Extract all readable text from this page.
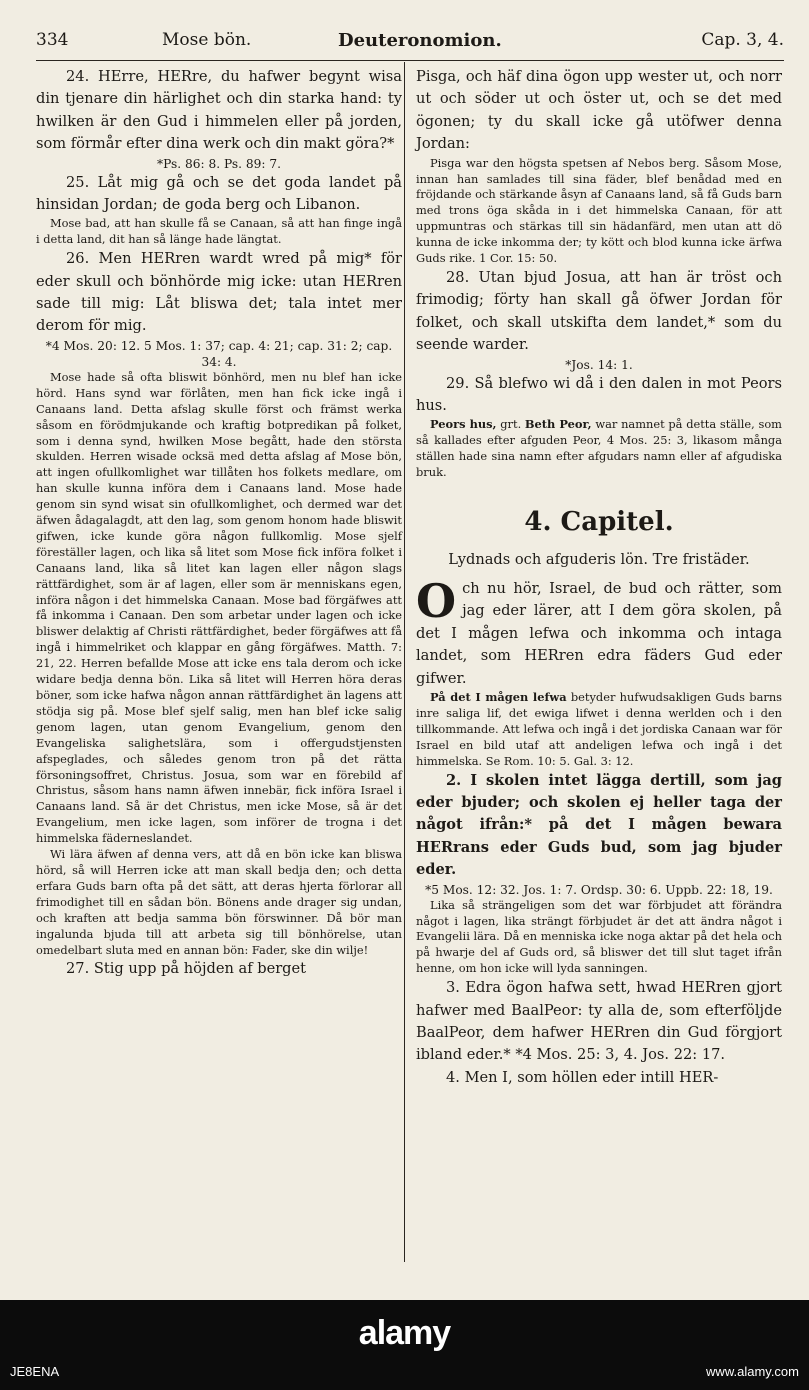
334	Mose bön.	Deuteronomion.	Cap. 3, 4.

24. HErre, HERre, du hafwer begynt wisa din tjenare din härlighet och din starka hand: ty hwilken är den Gud i himmelen eller på jorden, som förmår efter dina werk och din makt göra?*

*Ps. 86: 8. Ps. 89: 7.

25. Låt mig gå och se det goda landet på hinsidan Jordan; de goda berg och Libanon.

Mose bad, att han skulle få se Canaan, så att han finge ingå i detta land, dit han så länge hade längtat.

26. Men HERren wardt wred på mig* för eder skull och bönhörde mig icke: utan HERren sade till mig: Låt bliswa det; tala intet mer derom för mig.

*4 Mos. 20: 12. 5 Mos. 1: 37; cap. 4: 21; cap. 31: 2; cap. 34: 4.

Mose hade så ofta bliswit bönhörd, men nu blef han icke hörd. Hans synd war förlåten, men han fick icke ingå i Canaans land. Detta afslag skulle först och främst werka såsom en förödmjukande och kraftig botpredikan på folket, som i denna synd, hwilken Mose begått, hade den största skulden. Herren wisade ocksä med detta afslag af Mose bön, att ingen ofullkomlighet war tillåten hos folkets medlare, om han skulle kunna införa dem i Canaans land. Mose hade genom sin synd wisat sin ofullkomlighet, och dermed war det äfwen ådagalagdt, att den lag, som genom honom hade bliswit gifwen, icke kunde göra någon fullkomlig. Mose sjelf föreställer lagen, och lika så litet som Mose fick införa folket i Canaans land, lika så litet kan lagen eller någon slags rättfärdighet, som är af lagen, eller som är menniskans egen, införa någon i det himmelska Canaan. Mose bad förgäfwes att få inkomma i Canaan. Den som arbetar under lagen och icke bliswer delaktig af Christi rättfärdighet, beder förgäfwes att få ingå i himmelriket och klappar en gång förgäfwes. Matth. 7: 21, 22. Herren befallde Mose att icke ens tala derom och icke widare bedja denna bön. Lika så litet will Herren höra deras böner, som icke hafwa någon annan rättfärdighet än lagens att stödja sig på. Mose blef sjelf salig, men han blef icke salig genom lagen, utan genom Evangelium, genom den Evangeliska salighetslära, som i offergudstjensten afspeglades, och således genom tron på det rätta försoningsoffret, Christus. Josua, som war en förebild af Christus, såsom hans namn äfwen innebär, fick införa Israel i Canaans land. Så är det Christus, men icke Mose, så är det Evangelium, men icke lagen, som införer de trogna i det himmelska fäderneslandet.

Wi lära äfwen af denna vers, att då en bön icke kan bliswa hörd, så will Herren icke att man skall bedja den; och detta erfara Guds barn ofta på det sätt, att deras hjerta förlorar all frimodighet till en sådan bön. Bönens ande drager sig undan, och kraften att bedja samma bön förswinner. Då bör man ingalunda bjuda till att arbeta sig till bönhörelse, utan omedelbart sluta med en annan bön: Fader, ske din wilje!

27. Stig upp på höjden af berget

Pisga, och häf dina ögon upp wester ut, och norr ut och söder ut och öster ut, och se det med ögonen; ty du skall icke gå utöfwer denna Jordan:

Pisga war den högsta spetsen af Nebos berg. Såsom Mose, innan han samlades till sina fäder, blef benådad med en fröjdande och stärkande åsyn af Canaans land, så få Guds barn med trons öga skåda in i det himmelska Canaan, för att uppmuntras och stärkas till sin hädanfärd, men utan att dö kunna de icke inkomma der; ty kött och blod kunna icke ärfwa Guds rike. 1 Cor. 15: 50.

28. Utan bjud Josua, att han är tröst och frimodig; förty han skall gå öfwer Jordan för folket, och skall utskifta dem landet,* som du seende warder.

*Jos. 14: 1.

29. Så blefwo wi då i den dalen in mot Peors hus.

Peors hus, grt. Beth Peor, war namnet på detta ställe, som så kallades efter afguden Peor, 4 Mos. 25: 3, likasom många ställen hade sina namn efter afgudars namn eller af afgudiska bruk.

4. Capitel.
Lydnads och afguderis lön. Tre fristäder.

Och nu hör, Israel, de bud och rätter, som jag eder lärer, att I dem göra skolen, på det I mågen lefwa och inkomma och intaga landet, som HERren edra fäders Gud eder gifwer.

På det I mågen lefwa betyder hufwudsakligen Guds barns inre saliga lif, det ewiga lifwet i denna werlden och i den tillkommande. Att lefwa och ingå i det jordiska Canaan war för Israel en bild utaf att andeligen lefwa och ingå i det himmelska. Se Rom. 10: 5. Gal. 3: 12.

2. I skolen intet lägga dertill, som jag eder bjuder; och skolen ej heller taga der något ifrån:* på det I mågen bewara HERrans eder Guds bud, som jag bjuder eder.

*5 Mos. 12: 32. Jos. 1: 7. Ordsp. 30: 6. Uppb. 22: 18, 19.

Lika så strängeligen som det war förbjudet att förändra något i lagen, lika strängt förbjudet är det att ändra något i Evangelii lära. Då en menniska icke noga aktar på det hela och på hwarje del af Guds ord, så bliswer det till slut taget ifrån henne, om hon icke will lyda sanningen.

3. Edra ögon hafwa sett, hwad HERren gjort hafwer med BaalPeor: ty alla de, som efterföljde BaalPeor, dem hafwer HERren din Gud förgjort ibland eder.* *4 Mos. 25: 3, 4. Jos. 22: 17.

4. Men I, som höllen eder intill HER-

alamy
JE8ENA	www.alamy.com
